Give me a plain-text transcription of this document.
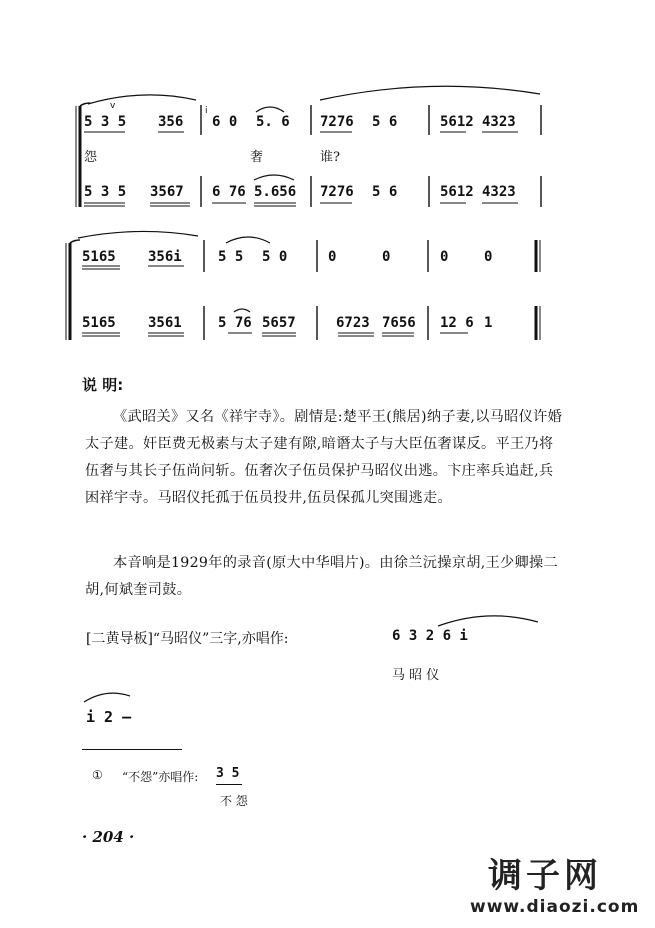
5 3 5 356 6 0 5. 6 7276 5 6	5612 4323
v	i
怨	奢	谁?
5 3 5 3567 6 76 5.656 7276 5 6	5612 4323
5165 356i	5 5 5 0	0	0	0	0
5165 3561	5 76 5657	6723 7656 12 6 1
说 明:
《武昭关》又名《祥宇寺》。剧情是:楚平王(熊居)纳子妻,以马昭仪许婚太子建。奸臣费无极素与太子建有隙,暗谮太子与大臣伍奢谋反。平王乃将伍奢与其长子伍尚问斩。伍奢次子伍员保护马昭仪出逃。卞庄率兵追赶,兵困祥宇寺。马昭仪托孤于伍员投井,伍员保孤儿突围逃走。
本音响是1929年的录音(原大中华唱片)。由徐兰沅操京胡,王少卿操二胡,何斌奎司鼓。
[二黄导板]“马昭仪”三字,亦唱作:	6 3 2 6 i
马 昭 仪
i 2 –
① “不怨”亦唱作: 3 5
不 怨
· 204 ·
调子网
www.diaozi.com
